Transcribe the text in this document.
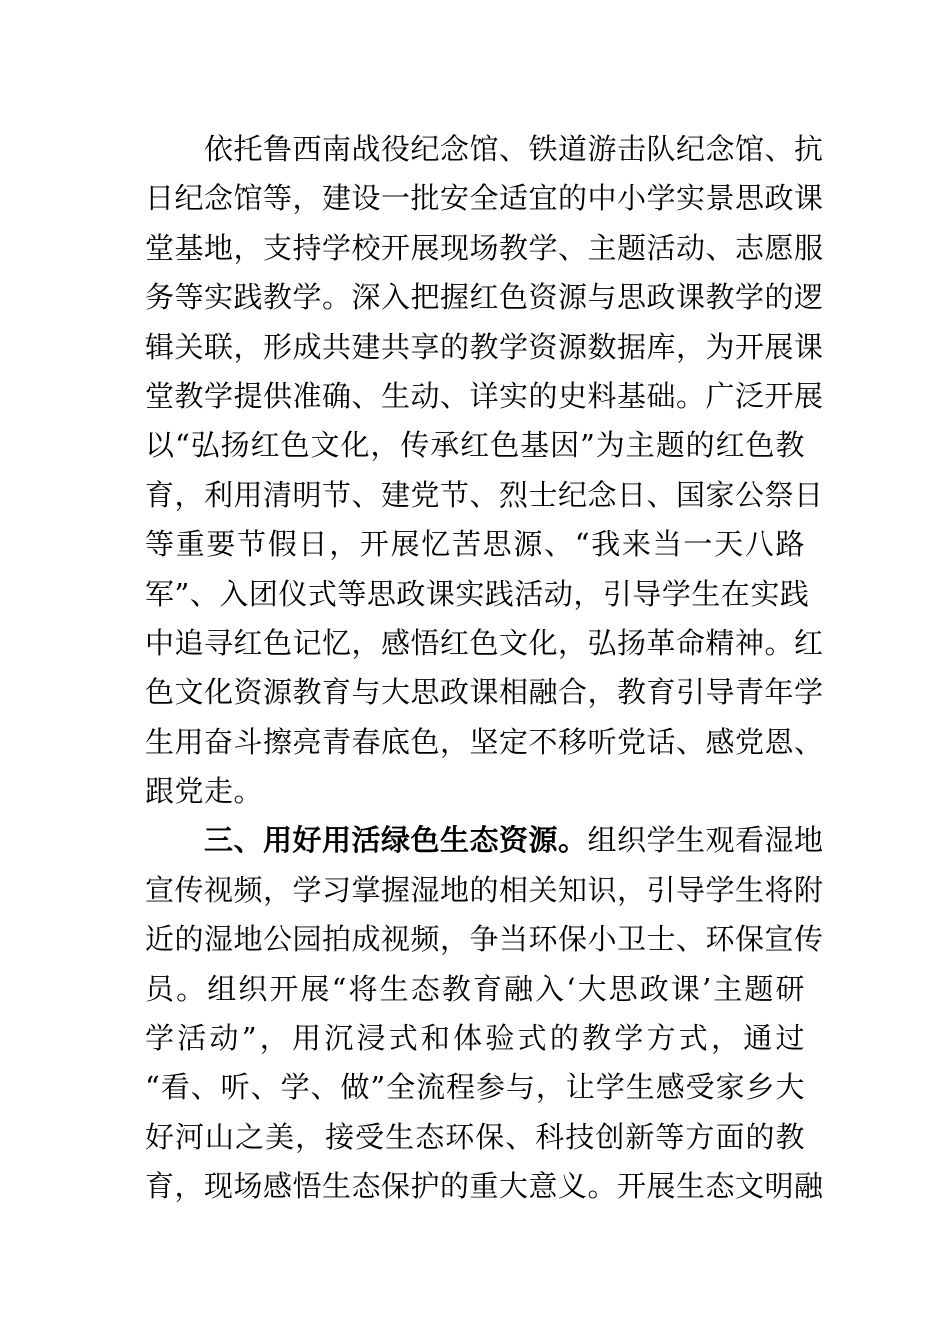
依托鲁西南战役纪念馆、铁道游击队纪念馆、抗
日纪念馆等，建设一批安全适宜的中小学实景思政课
堂基地，支持学校开展现场教学、主题活动、志愿服
务等实践教学。深入把握红色资源与思政课教学的逻
辑关联，形成共建共享的教学资源数据库，为开展课
堂教学提供准确、生动、详实的史料基础。广泛开展
以“弘扬红色文化，传承红色基因”为主题的红色教
育，利用清明节、建党节、烈士纪念日、国家公祭日
等重要节假日，开展忆苦思源、“我来当一天八路
军”、入团仪式等思政课实践活动，引导学生在实践
中追寻红色记忆，感悟红色文化，弘扬革命精神。红
色文化资源教育与大思政课相融合，教育引导青年学
生用奋斗擦亮青春底色，坚定不移听党话、感党恩、
跟党走。
三、用好用活绿色生态资源。组织学生观看湿地
宣传视频，学习掌握湿地的相关知识，引导学生将附
近的湿地公园拍成视频，争当环保小卫士、环保宣传
员。组织开展“将生态教育融入‘大思政课’主题研
学活动”，用沉浸式和体验式的教学方式，通过
“看、听、学、做”全流程参与，让学生感受家乡大
好河山之美，接受生态环保、科技创新等方面的教
育，现场感悟生态保护的重大意义。开展生态文明融
